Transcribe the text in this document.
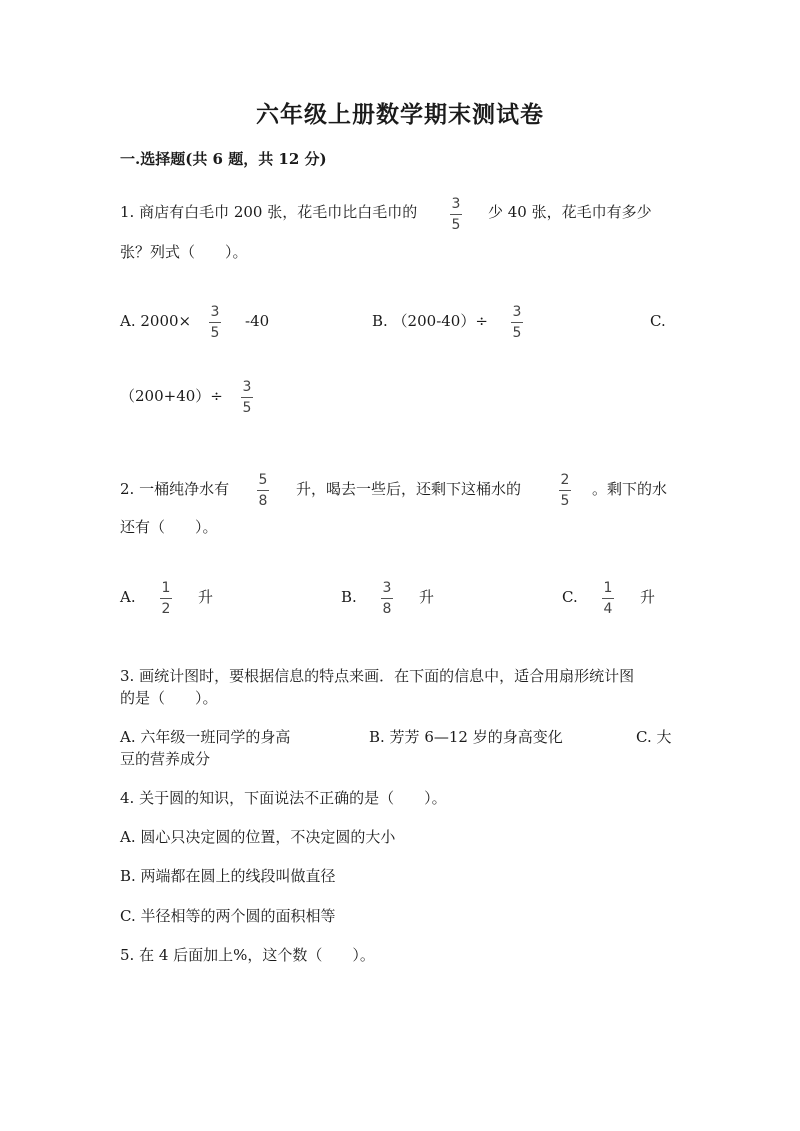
六年级上册数学期末测试卷
一.选择题(共 6 题，共 12 分)
1. 商店有白毛巾 200 张，花毛巾比白毛巾的 3
5
少 40 张，花毛巾有多少
张？列式（　　）。
A. 2000× 3
5
-40	B. （200-40）÷ 3
5
C.
（200+40）÷ 3
5
2. 一桶纯净水有 5
8
升，喝去一些后，还剩下这桶水的	2
5
。剩下的水
还有（　　）。
A. 1
2
升	B. 3
8
升	C. 1
4
升
3. 画统计图时，要根据信息的特点来画．在下面的信息中，适合用扇形统计图
的是（　　）。
A. 六年级一班同学的身高	B. 芳芳 6—12 岁的身高变化	C. 大
豆的营养成分
4. 关于圆的知识，下面说法不正确的是（　　）。
A. 圆心只决定圆的位置，不决定圆的大小
B. 两端都在圆上的线段叫做直径
C. 半径相等的两个圆的面积相等
5. 在 4 后面加上%，这个数（　　）。
